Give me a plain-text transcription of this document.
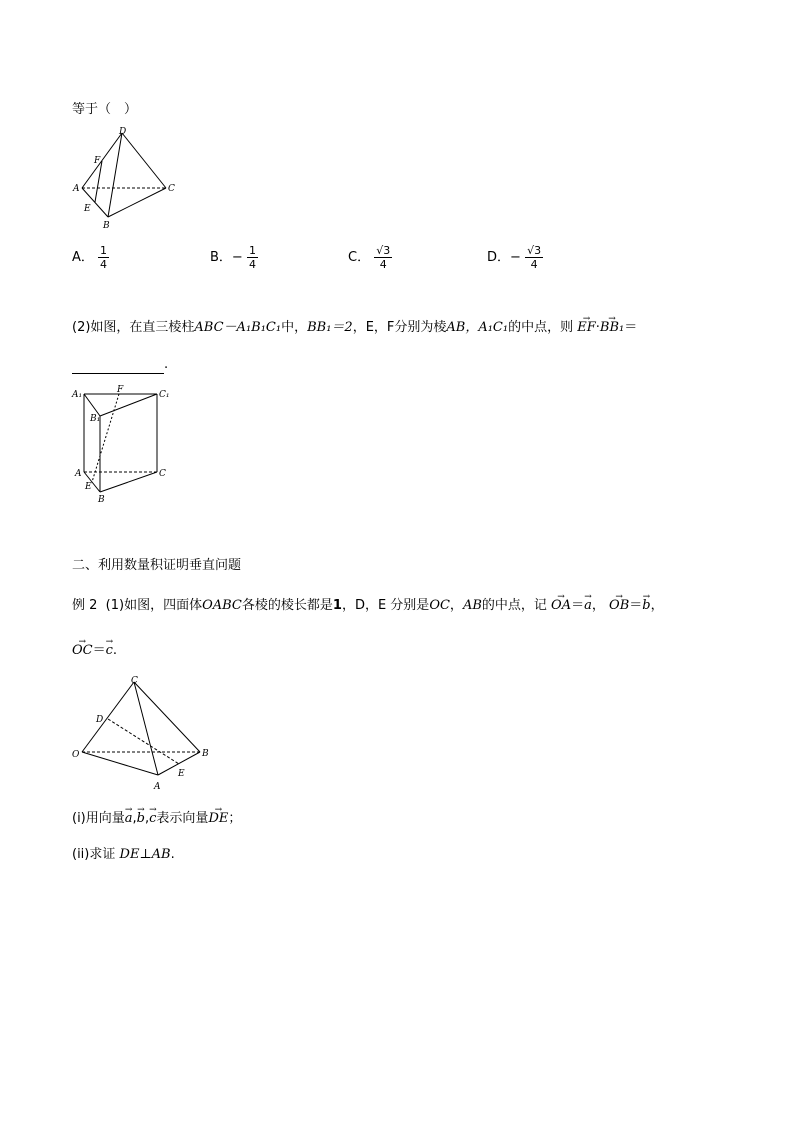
等于（　）
D
F
A	C
E
B
A． $\frac{1}{4}$	B．− $\frac{1}{4}$	C． $\frac{√3}{4}$	D．− $\frac{√3}{4}$
(2)如图，在直三棱柱ABC－A₁B₁C₁中，BB₁＝2，E，F分别为棱AB，A₁C₁的中点，则 → EF·→ BB₁＝
.
A₁	F	C₁
B₁
A	C
E
B
二、利用数量积证明垂直问题
例 2 (1)如图，四面体OABC各棱的棱长都是1，D，E 分别是OC，AB的中点，记 → OA＝→ a， → OB＝→ b，
→ OC＝→ c.
C
D
O	B
E
A
(i)用向量→ a,→ b,→ c表示向量→ DE；
(ii)求证 DE⊥AB.
